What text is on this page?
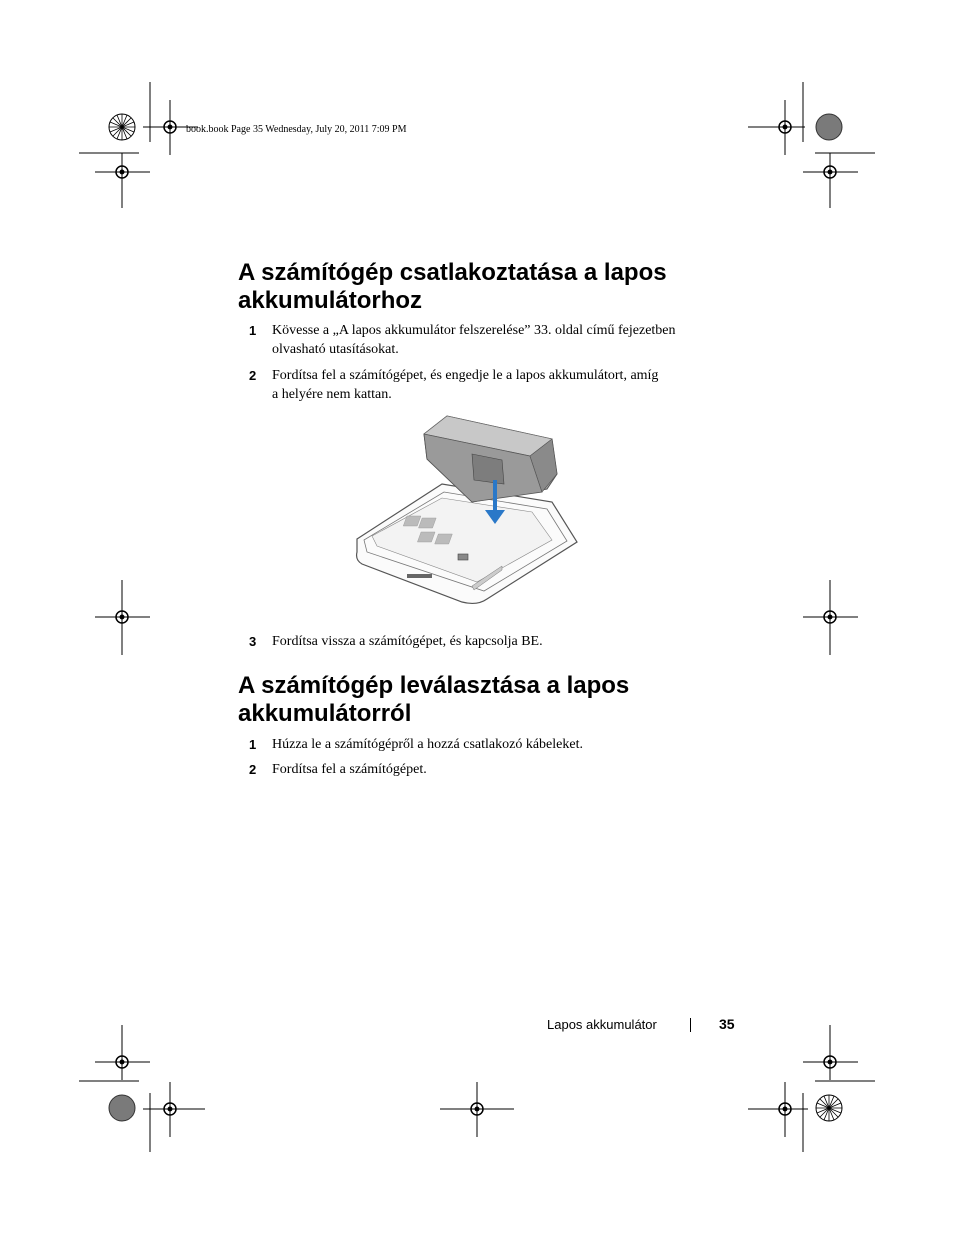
book.book Page 35 Wednesday, July 20, 2011 7:09 PM
A számítógép csatlakoztatása a lapos
akkumulátorhoz
1 Kövesse a „A lapos akkumulátor felszerelése” 33. oldal című fejezetben
olvasható utasításokat.
2 Fordítsa fel a számítógépet, és engedje le a lapos akkumulátort, amíg
a helyére nem kattan.
3 Fordítsa vissza a számítógépet, és kapcsolja BE.
A számítógép leválasztása a lapos
akkumulátorról
1 Húzza le a számítógépről a hozzá csatlakozó kábeleket.
2 Fordítsa fel a számítógépet.
Lapos akkumulátor	35
